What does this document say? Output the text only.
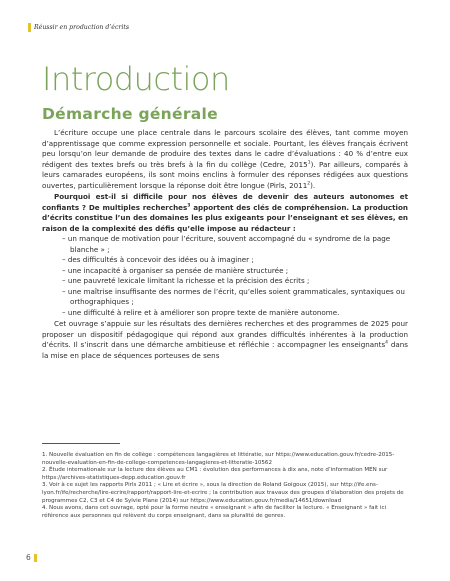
Réussir en production d’écrits
Introduction
Démarche générale

L’écriture occupe une place centrale dans le parcours scolaire des élèves, tant comme moyen d’apprentissage que comme expression personnelle et sociale. Pourtant, les élèves français écrivent peu lorsqu’on leur demande de produire des textes dans le cadre d’évaluations : 40 % d’entre eux rédigent des textes brefs ou très brefs à la fin du collège (Cedre, 2015$^1$). Par ailleurs, comparés à leurs camarades européens, ils sont moins enclins à formuler des réponses rédigées aux questions ouvertes, particulièrement lorsque la réponse doit être longue (Pirls, 2011$^2$).

Pourquoi est-il si difficile pour nos élèves de devenir des auteurs autonomes et confiants ? De multiples recherches$^3$ apportent des clés de compréhension. La production d’écrits constitue l’un des domaines les plus exigeants pour l’enseignant et ses élèves, en raison de la complexité des défis qu’elle impose au rédacteur :

– un manque de motivation pour l’écriture, souvent accompagné du « syndrome de la page blanche » ;
– des difficultés à concevoir des idées ou à imaginer ;
– une incapacité à organiser sa pensée de manière structurée ;
– une pauvreté lexicale limitant la richesse et la précision des écrits ;
– une maîtrise insuffisante des normes de l’écrit, qu’elles soient grammaticales, syntaxiques ou orthographiques ;
– une difficulté à relire et à améliorer son propre texte de manière autonome.

Cet ouvrage s’appuie sur les résultats des dernières recherches et des programmes de 2025 pour proposer un dispositif pédagogique qui répond aux grandes difficultés inhérentes à la production d’écrits. Il s’inscrit dans une démarche ambitieuse et réfléchie : accompagner les enseignants$^4$ dans la mise en place de séquences porteuses de sens

1. Nouvelle évaluation en fin de collège : compétences langagières et littératie, sur https://www.education.gouv.fr/cedre-2015-nouvelle-evaluation-en-fin-de-college-competences-langagieres-et-litteratie-10562

2. Étude internationale sur la lecture des élèves au CM1 : évolution des performances à dix ans, note d’information MEN sur https://archives-statistiques-depp.education.gouv.fr

3. Voir à ce sujet les rapports Pirls 2011 ; « Lire et écrire », sous la direction de Roland Goigoux (2015), sur http://ife.ens-lyon.fr/ife/recherche/lire-ecrire/rapport/rapport-lire-et-ecrire ; la contribution aux travaux des groupes d’élaboration des projets de programmes C2, C3 et C4 de Sylvie Plane (2014) sur https://www.education.gouv.fr/media/14651/download

4. Nous avons, dans cet ouvrage, opté pour la forme neutre « enseignant » afin de faciliter la lecture. « Enseignant » fait ici référence aux personnes qui relèvent du corps enseignant, dans sa pluralité de genres.

6
